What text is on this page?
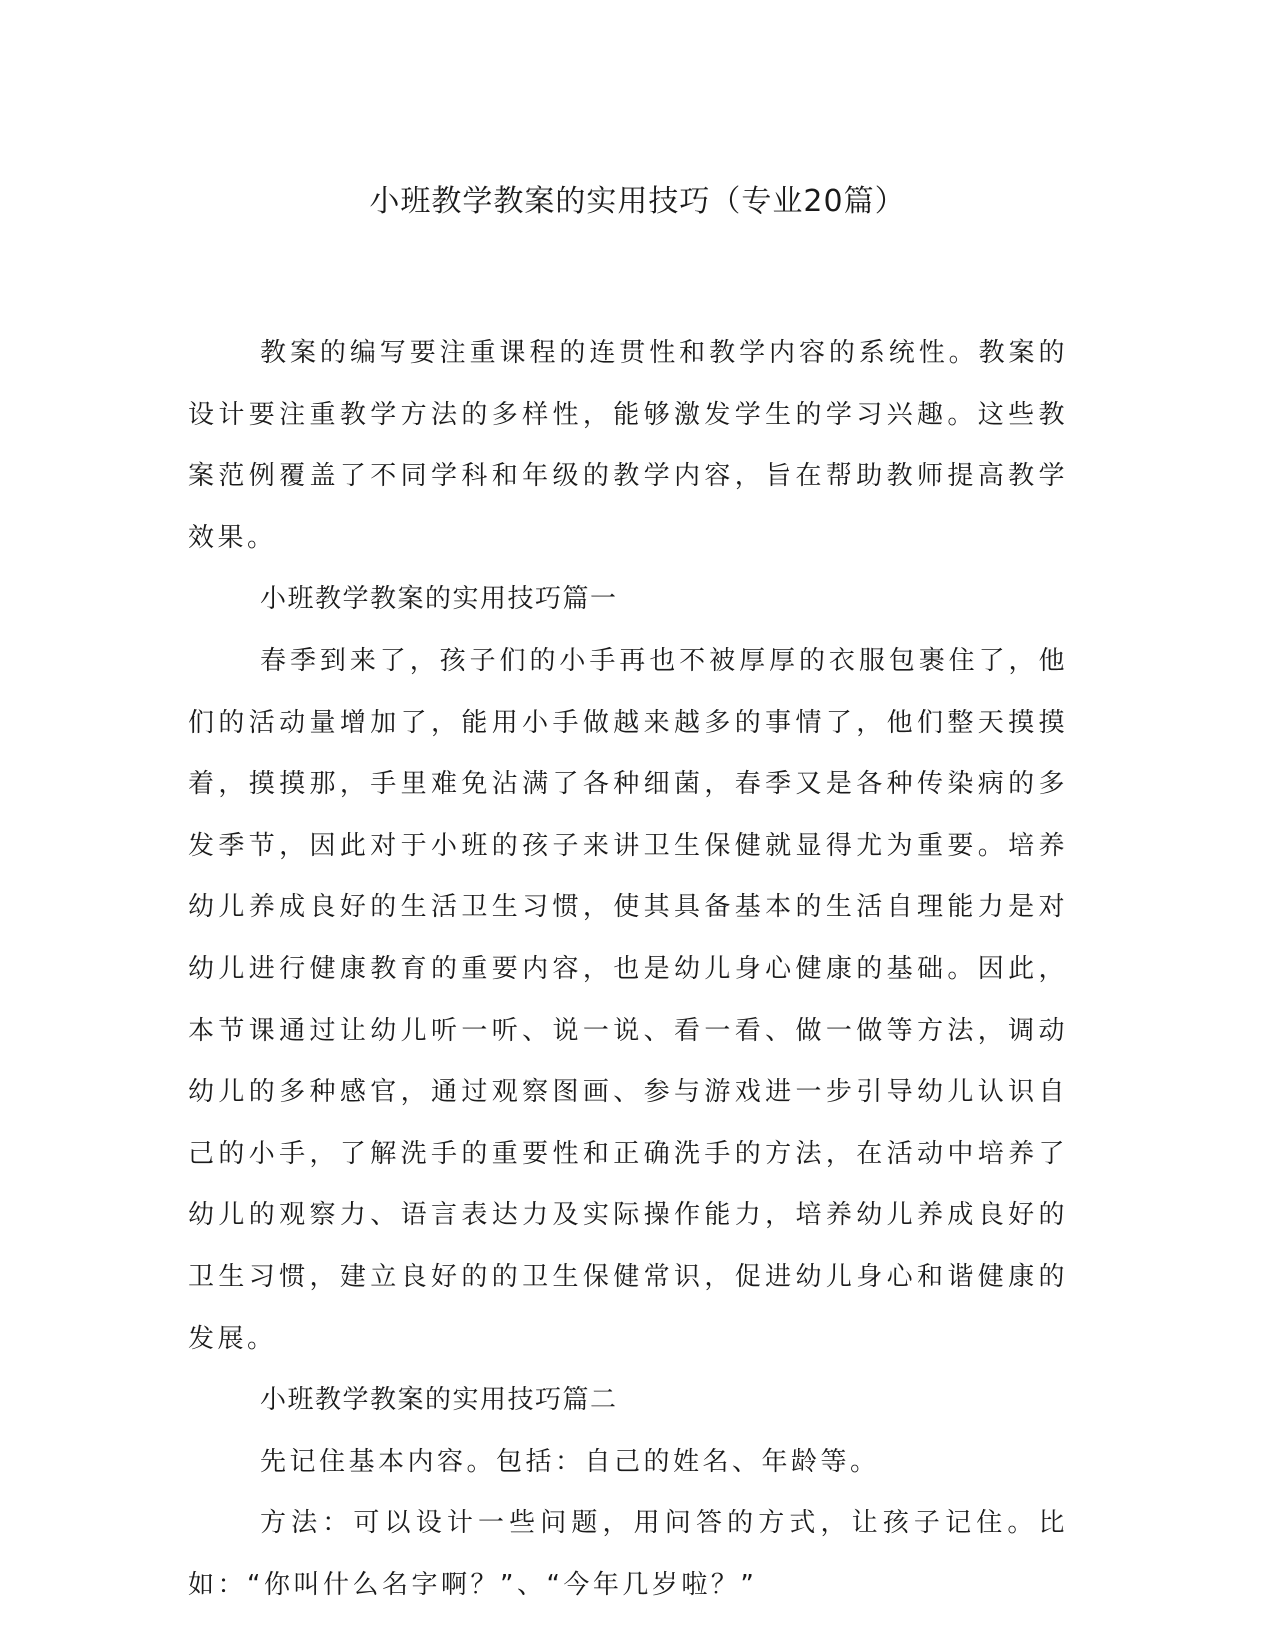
小班教学教案的实用技巧（专业20篇）

教案的编写要注重课程的连贯性和教学内容的系统性。教案的设计要注重教学方法的多样性，能够激发学生的学习兴趣。这些教案范例覆盖了不同学科和年级的教学内容，旨在帮助教师提高教学效果。

小班教学教案的实用技巧篇一

春季到来了，孩子们的小手再也不被厚厚的衣服包裹住了，他们的活动量增加了，能用小手做越来越多的事情了，他们整天摸摸着，摸摸那，手里难免沾满了各种细菌，春季又是各种传染病的多发季节，因此对于小班的孩子来讲卫生保健就显得尤为重要。培养幼儿养成良好的生活卫生习惯，使其具备基本的生活自理能力是对幼儿进行健康教育的重要内容，也是幼儿身心健康的基础。因此，本节课通过让幼儿听一听、说一说、看一看、做一做等方法，调动幼儿的多种感官，通过观察图画、参与游戏进一步引导幼儿认识自己的小手，了解洗手的重要性和正确洗手的方法，在活动中培养了幼儿的观察力、语言表达力及实际操作能力，培养幼儿养成良好的卫生习惯，建立良好的的卫生保健常识，促进幼儿身心和谐健康的发展。

小班教学教案的实用技巧篇二

先记住基本内容。包括：自己的姓名、年龄等。

方法：可以设计一些问题，用问答的方式，让孩子记住。比如：“你叫什么名字啊？”、“今年几岁啦？”
